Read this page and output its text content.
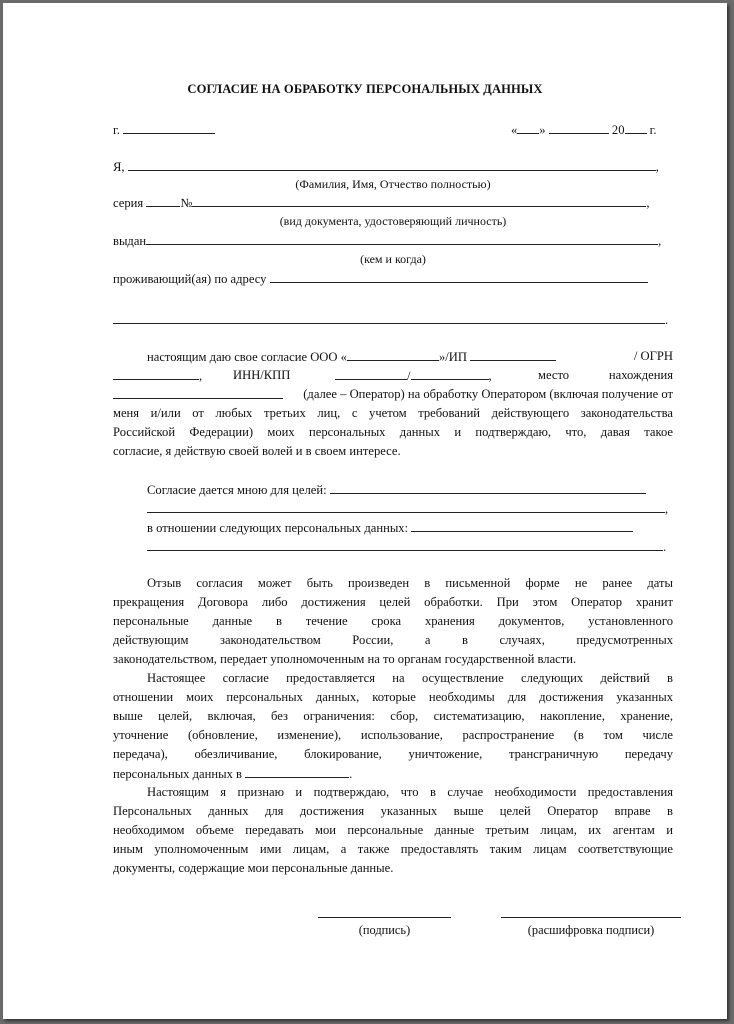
СОГЛАСИЕ НА ОБРАБОТКУ ПЕРСОНАЛЬНЫХ ДАННЫХ
г.	« »	20 г.
Я,	,
(Фамилия, Имя, Отчество полностью)
серия	№	,
(вид документа, удостоверяющий личность)
выдан	,
(кем и когда)
проживающий(ая) по адресу
.
настоящим даю свое согласие ООО «	»/ИП	/ ОГРН
, ИНН/КПП	/	,	место	нахождения
(далее – Оператор) на обработку Оператором (включая получение от
меня и/или от любых третьих лиц, с учетом требований действующего законодательства
Российской Федерации) моих персональных данных и подтверждаю, что, давая такое
согласие, я действую своей волей и в своем интересе.
Согласие дается мною для целей:
,
в отношении следующих персональных данных:
.
Отзыв согласия может быть произведен в письменной форме не ранее даты
прекращения Договора либо достижения целей обработки. При этом Оператор хранит
персональные данные в течение срока хранения документов, установленного
действующим законодательством России, а в случаях, предусмотренных
законодательством, передает уполномоченным на то органам государственной власти.
Настоящее согласие предоставляется на осуществление следующих действий в
отношении моих персональных данных, которые необходимы для достижения указанных
выше целей, включая, без ограничения: сбор, систематизацию, накопление, хранение,
уточнение (обновление, изменение), использование, распространение (в том числе
передача), обезличивание, блокирование, уничтожение, трансграничную передачу
персональных данных в	.
Настоящим я признаю и подтверждаю, что в случае необходимости предоставления
Персональных данных для достижения указанных выше целей Оператор вправе в
необходимом объеме передавать мои персональные данные третьим лицам, их агентам и
иным уполномоченным ими лицам, а также предоставлять таким лицам соответствующие
документы, содержащие мои персональные данные.
(подпись)	(расшифровка подписи)
